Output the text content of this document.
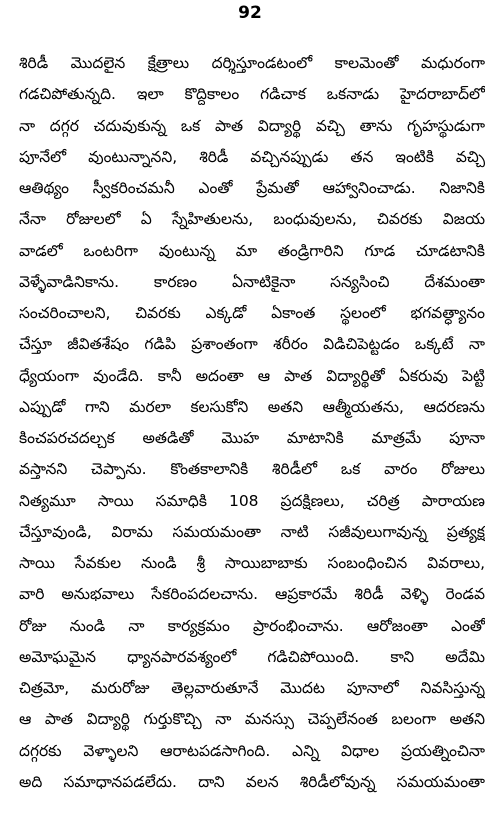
92
శిరిడీ మొదలైన క్షేత్రాలు దర్శిస్తూండటంలో కాలమెంతో మధురంగా
గడచిపోతున్నది. ఇలా కొద్దికాలం గడిచాక ఒకనాడు హైదరాబాద్‌లో
నా దగ్గర చదువుకున్న ఒక పాత విద్యార్థి వచ్చి తాను గృహస్థుడుగా
పూనేలో వుంటున్నానని, శిరిడీ వచ్చినప్పుడు తన ఇంటికి వచ్చి
ఆతిథ్యం స్వీకరించమనీ ఎంతో ప్రేమతో ఆహ్వానించాడు. నిజానికి
నేనా రోజులలో ఏ స్నేహితులను, బంధువులను, చివరకు విజయ
వాడలో ఒంటరిగా వుంటున్న మా తండ్రిగారిని గూడ చూడటానికి
వెళ్ళేవాడినికాను. కారణం ఏనాటికైనా సన్యసించి దేశమంతా
సంచరించాలని, చివరకు ఎక్కడో ఏకాంత స్థలంలో భగవత్ధ్యానం
చేస్తూ జీవితశేషం గడిపి ప్రశాంతంగా శరీరం విడిచిపెట్టడం ఒక్కటే నా
ధ్యేయంగా వుండేది. కానీ అదంతా ఆ పాత విద్యార్థితో ఏకరువు పెట్టి
ఎప్పుడో గాని మరలా కలసుకోని అతని ఆత్మీయతను, ఆదరణను
కించపరచదల్చక అతడితో మొహ మాటానికి మాత్రమే పూనా
వస్తానని చెప్పాను. కొంతకాలానికి శిరిడీలో ఒక వారం రోజులు
నిత్యమూ సాయి సమాధికి 108 ప్రదక్షిణలు, చరిత్ర పారాయణ
చేస్తూవుండి, విరామ సమయమంతా నాటి సజీవులుగావున్న ప్రత్యక్ష
సాయి సేవకుల నుండి శ్రీ సాయిబాబాకు సంబంధించిన వివరాలు,
వారి అనుభవాలు సేకరింపదలచాను. ఆప్రకారమే శిరిడీ వెళ్ళి రెండవ
రోజు నుండి నా కార్యక్రమం ప్రారంభించాను. ఆరోజంతా ఎంతో
అమోఘమైన ధ్యానపారవశ్యంలో గడిచిపోయింది. కాని అదేమి
చిత్రమో, మరురోజు తెల్లవారుతూనే మొదట పూనాలో నివసిస్తున్న
ఆ పాత విద్యార్థి గుర్తుకొచ్చి నా మనస్సు చెప్పలేనంత బలంగా అతని
దగ్గరకు వెళ్ళాలని ఆరాటపడసాగింది. ఎన్ని విధాల ప్రయత్నించినా
అది సమాధానపడలేదు. దాని వలన శిరిడీలోవున్న సమయమంతా
